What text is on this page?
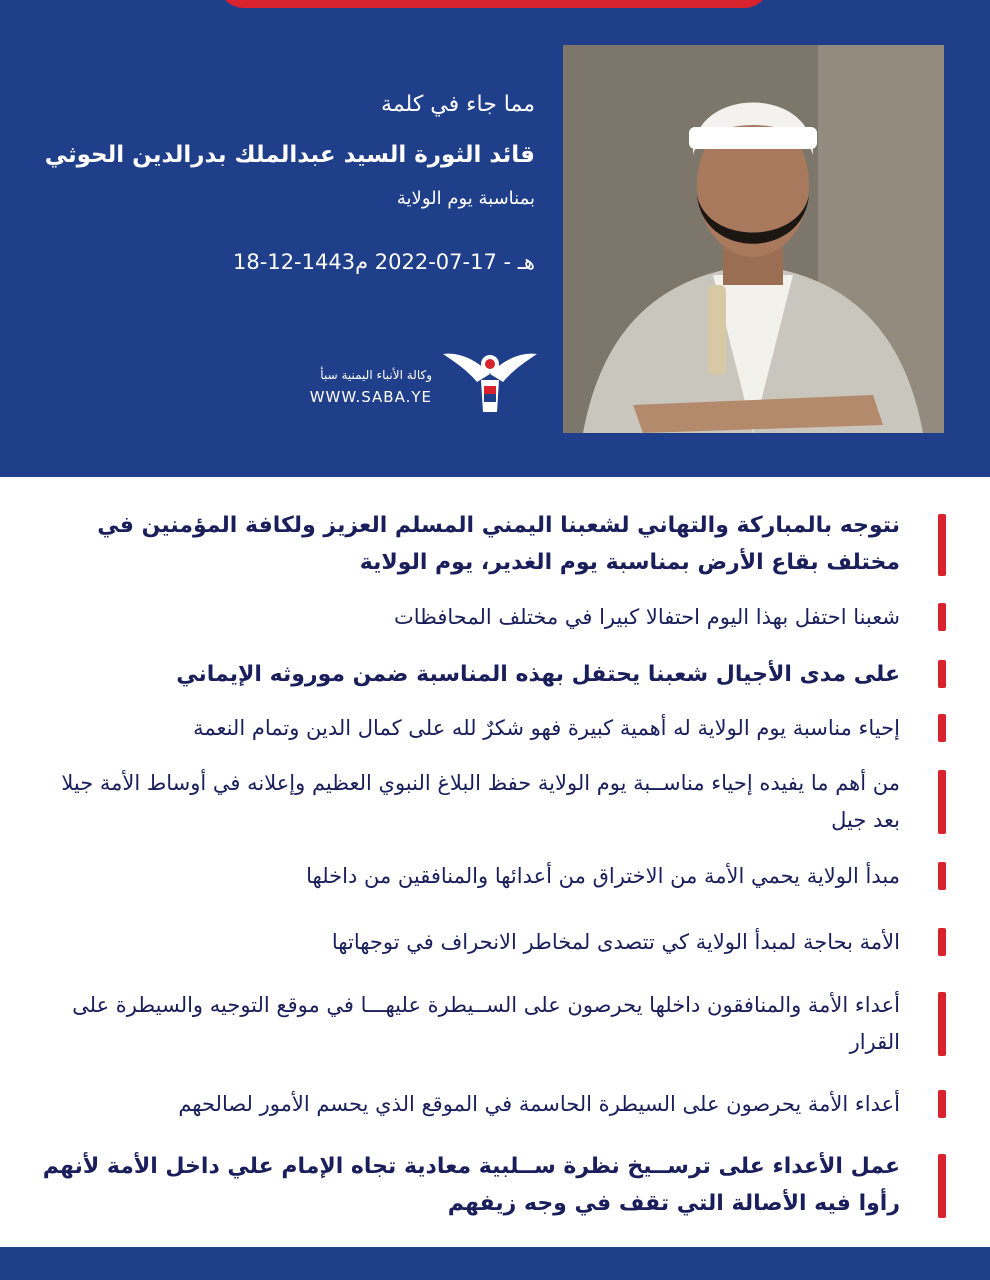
مما جاء في كلمة
قائد الثورة السيد عبدالملك بدرالدين الحوثي
بمناسبة يوم الولاية
18-12-1443هـ - 17-07-2022 م
وكالة الأنباء اليمنية سبأ
WWW.SABA.YE
نتوجه بالمباركة والتهاني لشعبنا اليمني المسلم العزيز ولكافة المؤمنين في مختلف بقاع الأرض بمناسبة يوم الغدير، يوم الولاية
شعبنا احتفل بهذا اليوم احتفالا كبيرا في مختلف المحافظات
على مدى الأجيال شعبنا يحتفل بهذه المناسبة ضمن موروثه الإيماني
إحياء مناسبة يوم الولاية له أهمية كبيرة فهو شكرٌ لله على كمال الدين وتمام النعمة
من أهم ما يفيده إحياء مناســبة يوم الولاية حفظ البلاغ النبوي العظيم وإعلانه في أوساط الأمة جيلا بعد جيل
مبدأ الولاية يحمي الأمة من الاختراق من أعدائها والمنافقين من داخلها
الأمة بحاجة لمبدأ الولاية كي تتصدى لمخاطر الانحراف في توجهاتها
أعداء الأمة والمنافقون داخلها يحرصون على الســيطرة عليهـــا في موقع التوجيه والسيطرة على القرار
أعداء الأمة يحرصون على السيطرة الحاسمة في الموقع الذي يحسم الأمور لصالحهم
عمل الأعداء على ترســيخ نظرة ســلبية معادية تجاه الإمام علي داخل الأمة لأنهم رأوا فيه الأصالة التي تقف في وجه زيفهم
